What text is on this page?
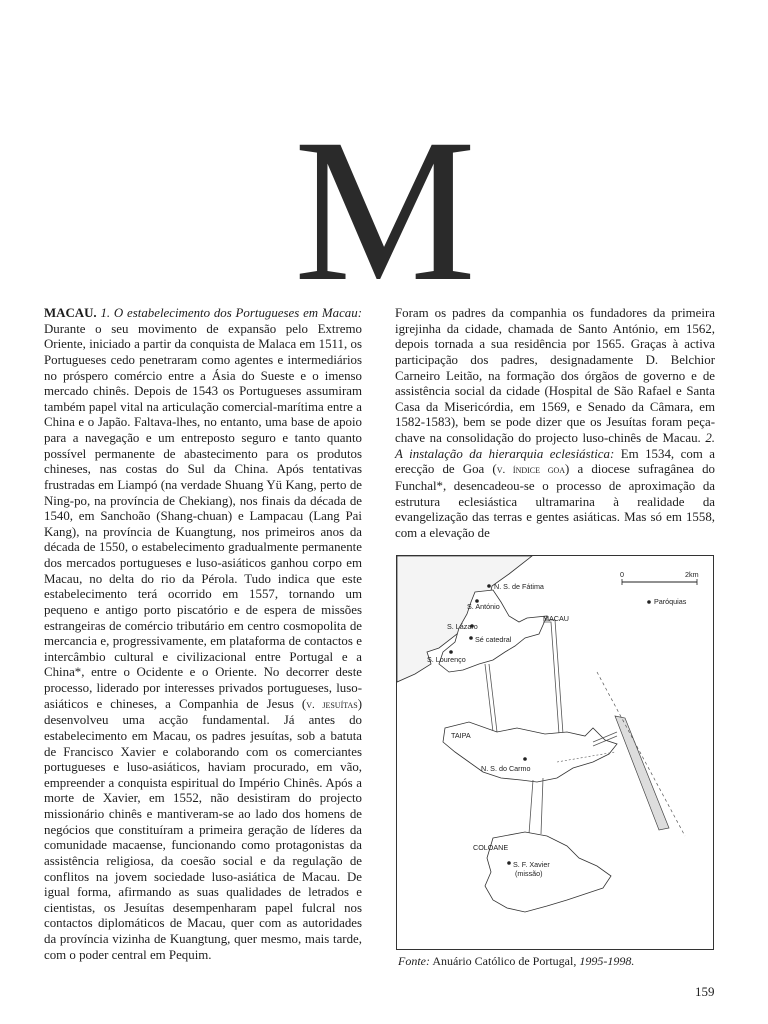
M

MACAU. 1. O estabelecimento dos Portugueses em Macau: Durante o seu movimento de expansão pelo Extremo Oriente, iniciado a partir da conquista de Malaca em 1511, os Portugueses cedo penetraram como agentes e intermediários no próspero comércio entre a Ásia do Sueste e o imenso mercado chinês. Depois de 1543 os Portugueses assumiram também papel vital na articulação comercial-marítima entre a China e o Japão. Faltava-lhes, no entanto, uma base de apoio para a navegação e um entreposto seguro e tanto quanto possível permanente de abastecimento para os produtos chineses, nas costas do Sul da China. Após tentativas frustradas em Liampó (na verdade Shuang Yü Kang, perto de Ning-po, na província de Chekiang), nos finais da década de 1540, em Sanchoão (Shang-chuan) e Lampacau (Lang Pai Kang), na província de Kuangtung, nos primeiros anos da década de 1550, o estabelecimento gradualmente permanente dos mercados portugueses e luso-asiáticos ganhou corpo em Macau, no delta do rio da Pérola. Tudo indica que este estabelecimento terá ocorrido em 1557, tornando um pequeno e antigo porto piscatório e de espera de missões estrangeiras de comércio tributário em centro cosmopolita de mercancia e, progressivamente, em plataforma de contactos e intercâmbio cultural e civilizacional entre Portugal e a China*, entre o Ocidente e o Oriente. No decorrer deste processo, liderado por interesses privados portugueses, luso-asiáticos e chineses, a Companhia de Jesus (v. jesuítas) desenvolveu uma acção fundamental. Já antes do estabelecimento em Macau, os padres jesuítas, sob a batuta de Francisco Xavier e colaborando com os comerciantes portugueses e luso-asiáticos, haviam procurado, em vão, empreender a conquista espiritual do Império Chinês. Após a morte de Xavier, em 1552, não desistiram do projecto missionário chinês e mantiveram-se ao lado dos homens de negócios que constituíram a primeira geração de líderes da comunidade macaense, funcionando como protagonistas da assistência religiosa, da coesão social e da regulação de conflitos na jovem sociedade luso-asiática de Macau. De igual forma, afirmando as suas qualidades de letrados e cientistas, os Jesuítas desempenharam papel fulcral nos contactos diplomáticos de Macau, quer com as autoridades da província vizinha de Kuangtung, quer mesmo, mais tarde, com o poder central em Pequim.

Foram os padres da companhia os fundadores da primeira igrejinha da cidade, chamada de Santo António, em 1562, depois tornada a sua residência por 1565. Graças à activa participação dos padres, designadamente D. Belchior Carneiro Leitão, na formação dos órgãos de governo e de assistência social da cidade (Hospital de São Rafael e Santa Casa da Misericórdia, em 1569, e Senado da Câmara, em 1582-1583), bem se pode dizer que os Jesuítas foram peça-chave na consolidação do projecto luso-chinês de Macau. 2. A instalação da hierarquia eclesiástica: Em 1534, com a erecção de Goa (v. índice goa) a diocese sufragânea do Funchal*, desencadeou-se o processo de aproximação da estrutura eclesiástica ultramarina à realidade da evangelização das terras e gentes asiáticas. Mas só em 1558, com a elevação de

N. S. de Fátima
S. António
S. Lázaro
Sé catedral
S. Lourenço
MACAU
TAIPA
N. S. do Carmo
COLOANE
S. F. Xavier
(missão)
0	2km
Paróquias
Fonte: Anuário Católico de Portugal, 1995-1998.
159
